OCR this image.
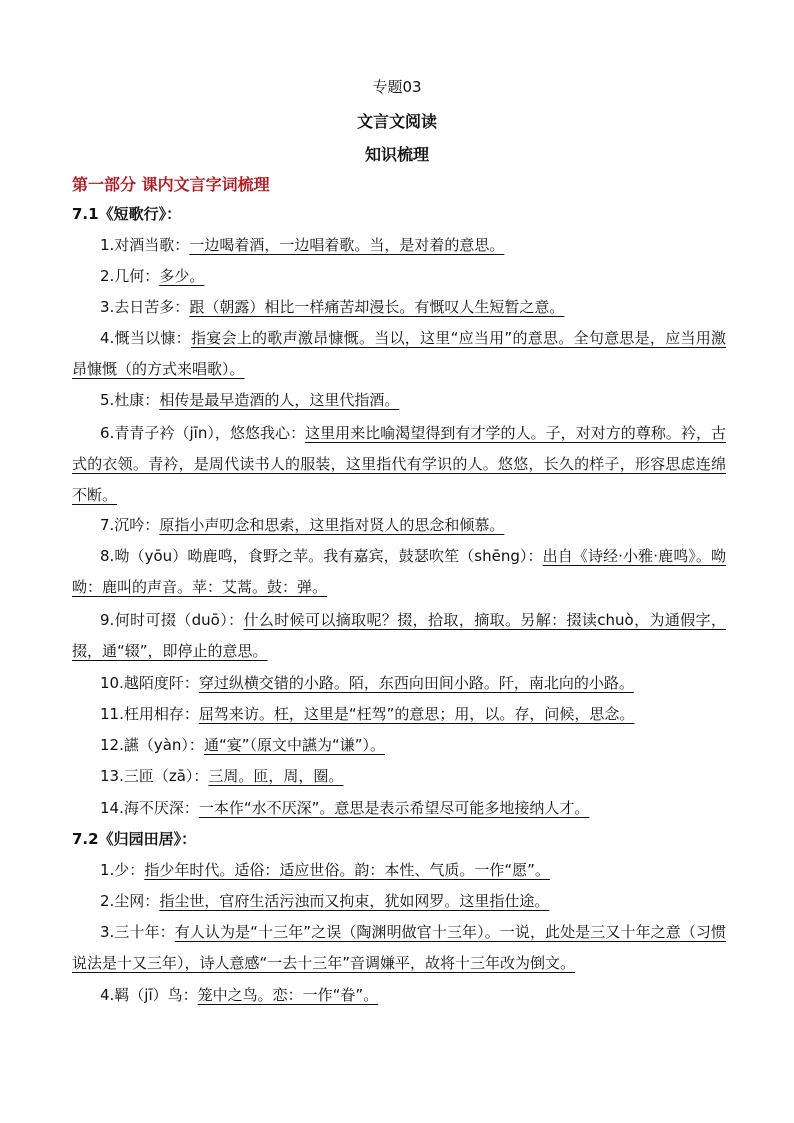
专题03
文言文阅读
知识梳理
第一部分 课内文言字词梳理
7.1《短歌行》：
1.对酒当歌：一边喝着酒，一边唱着歌。当，是对着的意思。
2.几何：多少。
3.去日苦多：跟（朝露）相比一样痛苦却漫长。有慨叹人生短暂之意。
4.慨当以慷：指宴会上的歌声激昂慷慨。当以，这里“应当用”的意思。全句意思是，应当用激昂慷慨（的方式来唱歌）。
5.杜康：相传是最早造酒的人，这里代指酒。
6.青青子衿（jīn），悠悠我心：这里用来比喻渴望得到有才学的人。子，对对方的尊称。衿，古式的衣领。青衿，是周代读书人的服装，这里指代有学识的人。悠悠，长久的样子，形容思虑连绵不断。
7.沉吟：原指小声叨念和思索，这里指对贤人的思念和倾慕。
8.呦（yōu）呦鹿鸣，食野之苹。我有嘉宾，鼓瑟吹笙（shēng）：出自《诗经·小雅·鹿鸣》。呦呦：鹿叫的声音。苹：艾蒿。鼓：弹。
9.何时可掇（duō）：什么时候可以摘取呢？掇，拾取，摘取。另解：掇读chuò，为通假字，掇，通“辍”，即停止的意思。
10.越陌度阡：穿过纵横交错的小路。陌，东西向田间小路。阡，南北向的小路。
11.枉用相存：屈驾来访。枉，这里是“枉驾”的意思；用，以。存，问候，思念。
12.讌（yàn）：通“宴”（原文中讌为“谦”）。
13.三匝（zā）：三周。匝，周，圈。
14.海不厌深：一本作“水不厌深”。意思是表示希望尽可能多地接纳人才。
7.2《归园田居》：
1.少：指少年时代。适俗：适应世俗。韵：本性、气质。一作“愿”。
2.尘网：指尘世，官府生活污浊而又拘束，犹如网罗。这里指仕途。
3.三十年：有人认为是“十三年”之误（陶渊明做官十三年）。一说，此处是三又十年之意（习惯说法是十又三年），诗人意感“一去十三年”音调嫌平，故将十三年改为倒文。
4.羁（jī）鸟：笼中之鸟。恋：一作“眷”。
